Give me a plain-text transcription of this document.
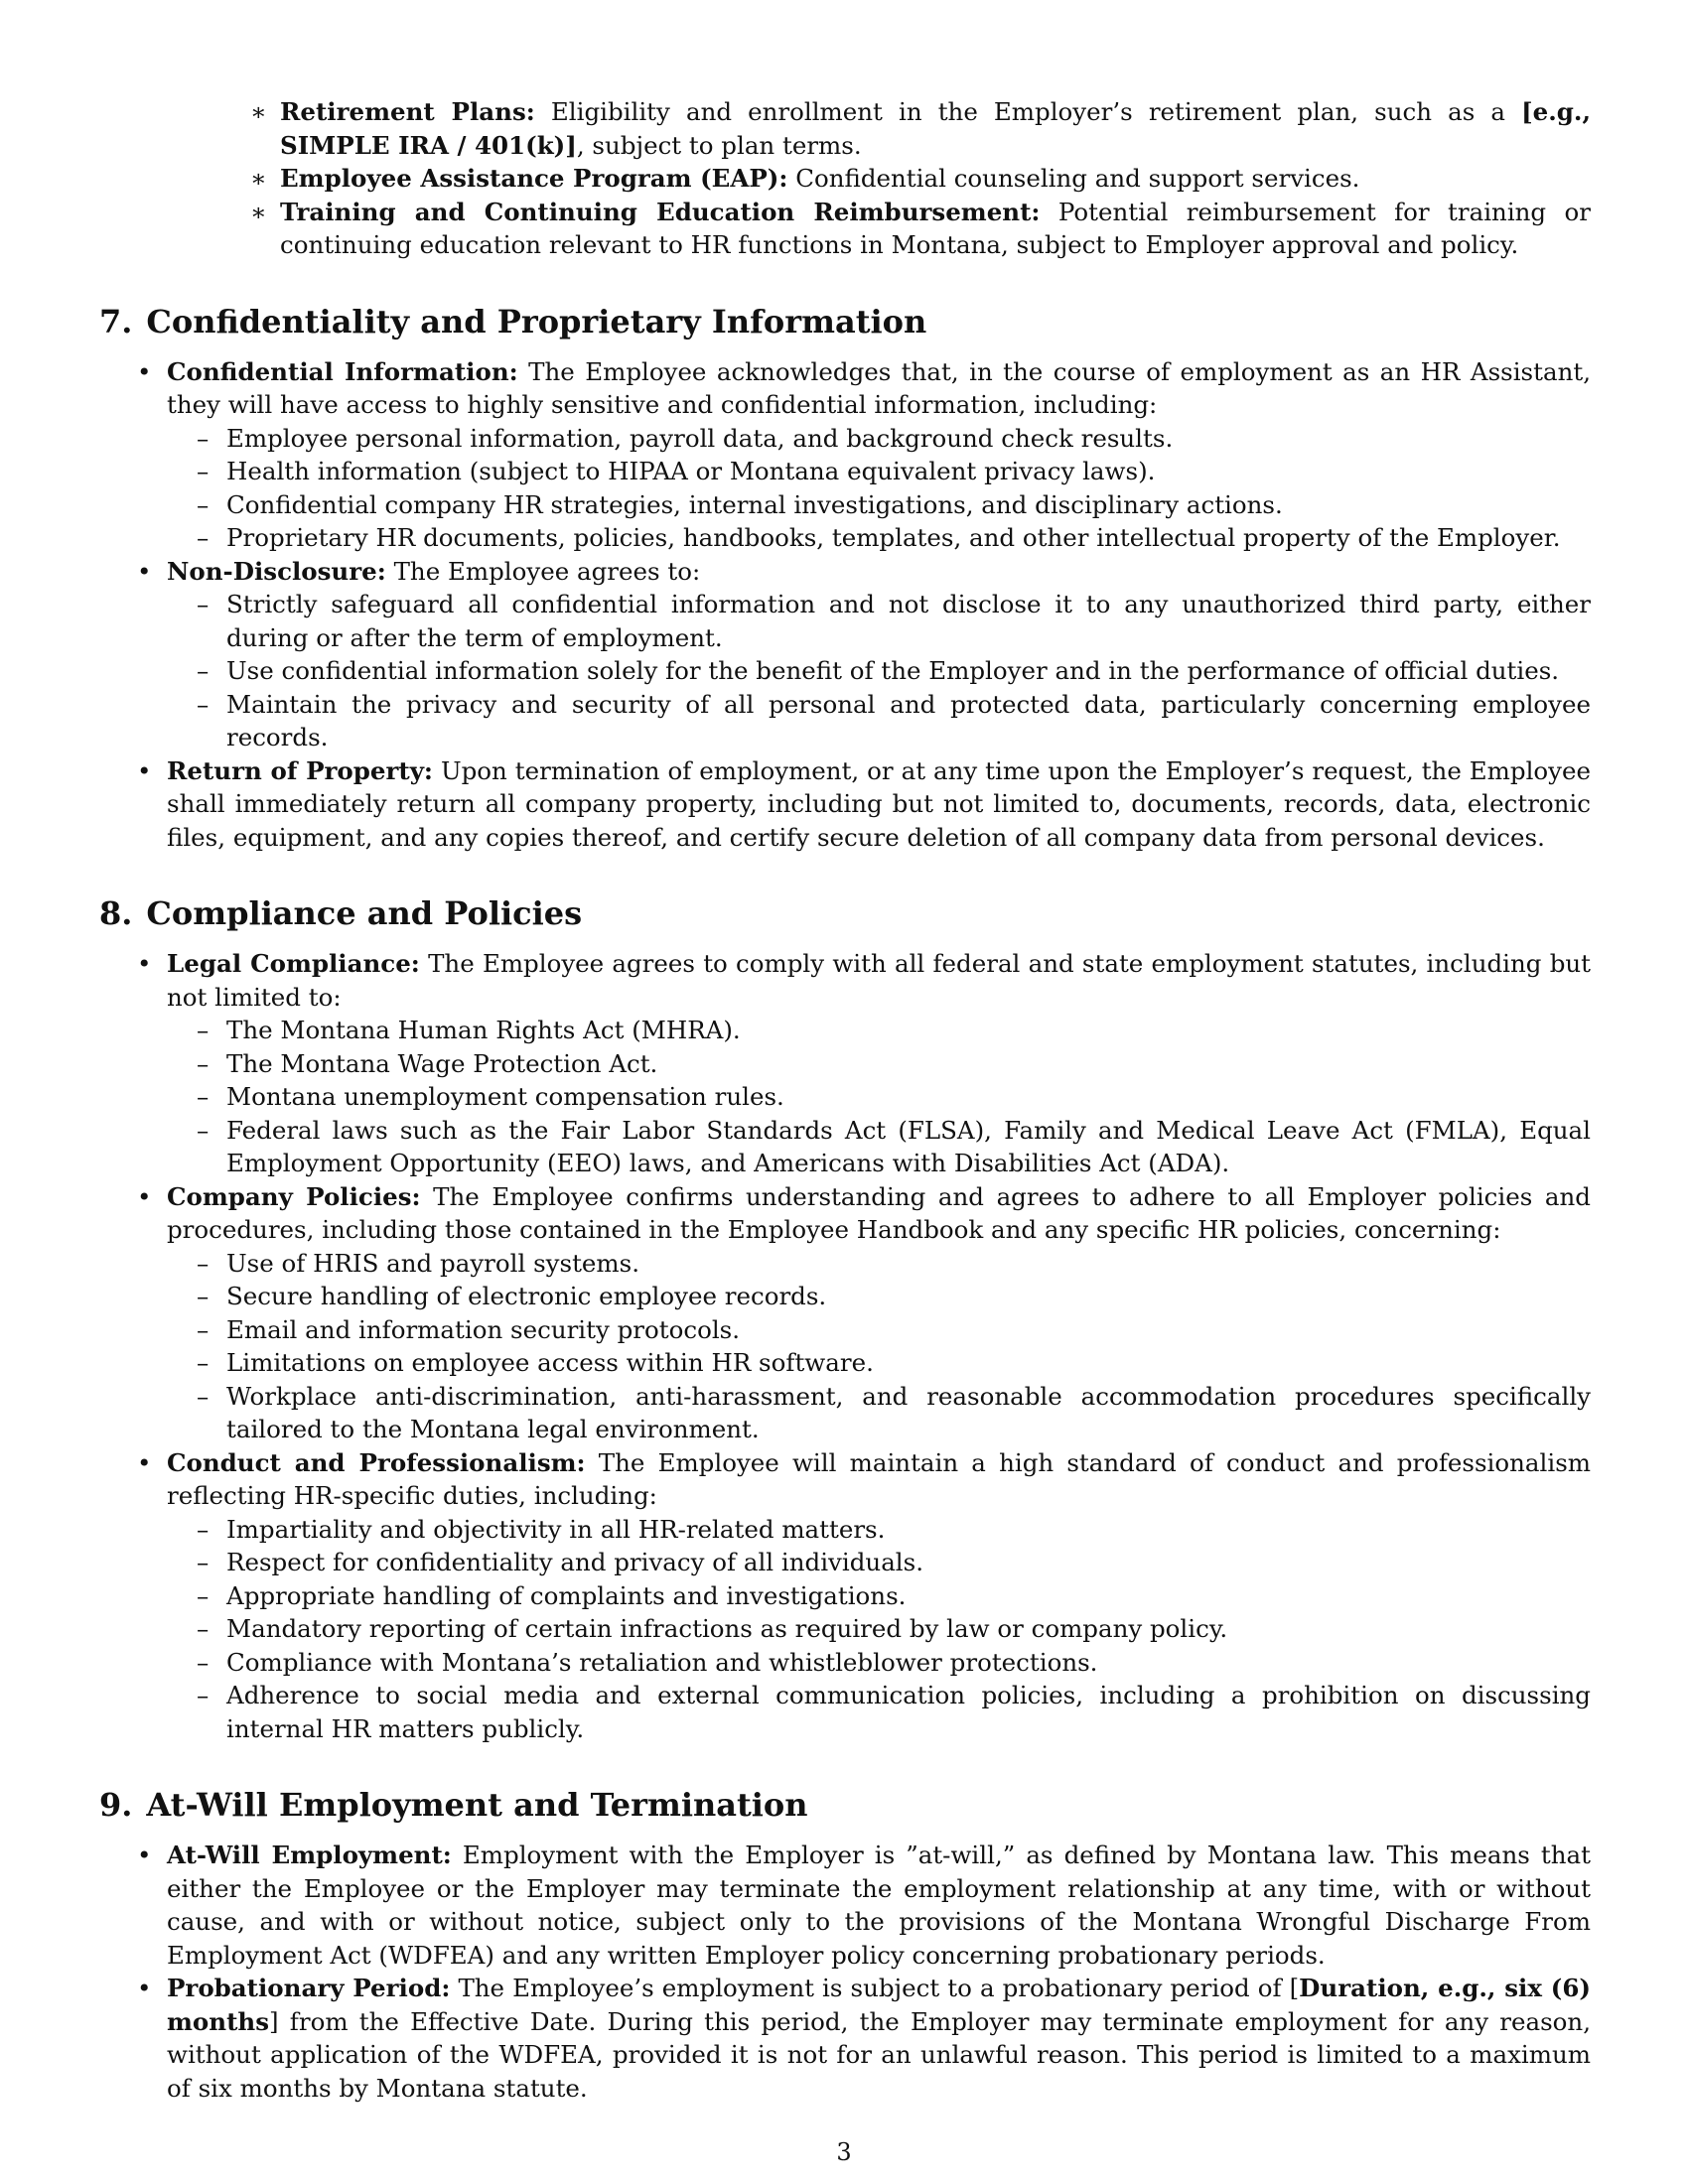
∗ Retirement Plans: Eligibility and enrollment in the Employer’s retirement plan, such as a [e.g., SIMPLE IRA / 401(k)], subject to plan terms.
∗ Employee Assistance Program (EAP): Confidential counseling and support services.
∗ Training and Continuing Education Reimbursement: Potential reimbursement for training or continuing education relevant to HR functions in Montana, subject to Employer approval and policy.
7. Confidentiality and Proprietary Information
• Confidential Information: The Employee acknowledges that, in the course of employment as an HR Assistant, they will have access to highly sensitive and confidential information, including:
– Employee personal information, payroll data, and background check results.
– Health information (subject to HIPAA or Montana equivalent privacy laws).
– Confidential company HR strategies, internal investigations, and disciplinary actions.
– Proprietary HR documents, policies, handbooks, templates, and other intellectual property of the Employer.
• Non-Disclosure: The Employee agrees to:
– Strictly safeguard all confidential information and not disclose it to any unauthorized third party, either during or after the term of employment.
– Use confidential information solely for the benefit of the Employer and in the performance of official duties.
– Maintain the privacy and security of all personal and protected data, particularly concerning employee records.
• Return of Property: Upon termination of employment, or at any time upon the Employer’s request, the Employee shall immediately return all company property, including but not limited to, documents, records, data, electronic files, equipment, and any copies thereof, and certify secure deletion of all company data from personal devices.
8. Compliance and Policies
• Legal Compliance: The Employee agrees to comply with all federal and state employment statutes, including but not limited to:
– The Montana Human Rights Act (MHRA).
– The Montana Wage Protection Act.
– Montana unemployment compensation rules.
– Federal laws such as the Fair Labor Standards Act (FLSA), Family and Medical Leave Act (FMLA), Equal Employment Opportunity (EEO) laws, and Americans with Disabilities Act (ADA).
• Company Policies: The Employee confirms understanding and agrees to adhere to all Employer policies and procedures, including those contained in the Employee Handbook and any specific HR policies, concerning:
– Use of HRIS and payroll systems.
– Secure handling of electronic employee records.
– Email and information security protocols.
– Limitations on employee access within HR software.
– Workplace anti-discrimination, anti-harassment, and reasonable accommodation procedures specifically tailored to the Montana legal environment.
• Conduct and Professionalism: The Employee will maintain a high standard of conduct and professionalism reflecting HR-specific duties, including:
– Impartiality and objectivity in all HR-related matters.
– Respect for confidentiality and privacy of all individuals.
– Appropriate handling of complaints and investigations.
– Mandatory reporting of certain infractions as required by law or company policy.
– Compliance with Montana’s retaliation and whistleblower protections.
– Adherence to social media and external communication policies, including a prohibition on discussing internal HR matters publicly.
9. At-Will Employment and Termination
• At-Will Employment: Employment with the Employer is ”at-will,” as defined by Montana law. This means that either the Employee or the Employer may terminate the employment relationship at any time, with or without cause, and with or without notice, subject only to the provisions of the Montana Wrongful Discharge From Employment Act (WDFEA) and any written Employer policy concerning probationary periods.
• Probationary Period: The Employee’s employment is subject to a probationary period of [Duration, e.g., six (6) months] from the Effective Date. During this period, the Employer may terminate employment for any reason, without application of the WDFEA, provided it is not for an unlawful reason. This period is limited to a maximum of six months by Montana statute.
3
